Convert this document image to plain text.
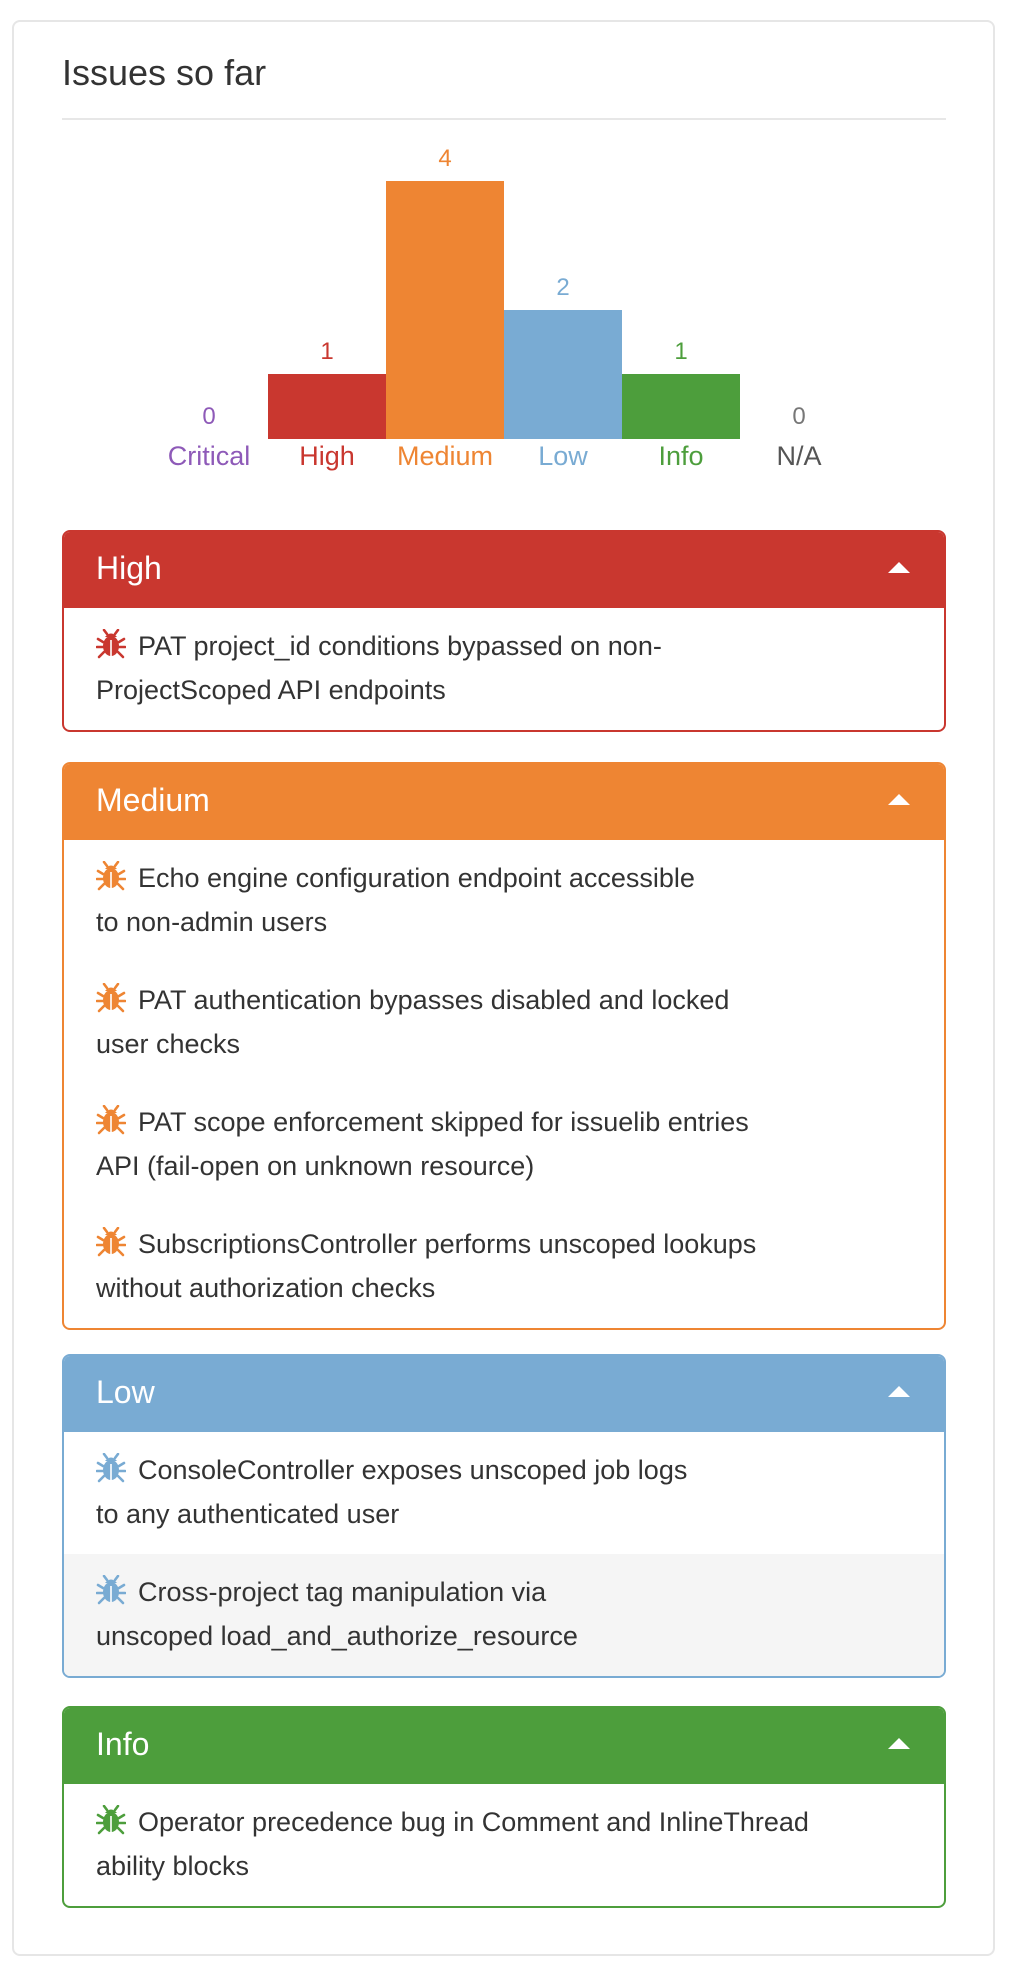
Issues so far
0
Critical
1
High
4
Medium
2
Low
1
Info
0
N/A
High
PAT project_id conditions bypassed on non-
ProjectScoped API endpoints
Medium
Echo engine configuration endpoint accessible
to non-admin users
PAT authentication bypasses disabled and locked
user checks
PAT scope enforcement skipped for issuelib entries
API (fail-open on unknown resource)
SubscriptionsController performs unscoped lookups
without authorization checks
Low
ConsoleController exposes unscoped job logs
to any authenticated user
Cross-project tag manipulation via
unscoped load_and_authorize_resource
Info
Operator precedence bug in Comment and InlineThread
ability blocks
